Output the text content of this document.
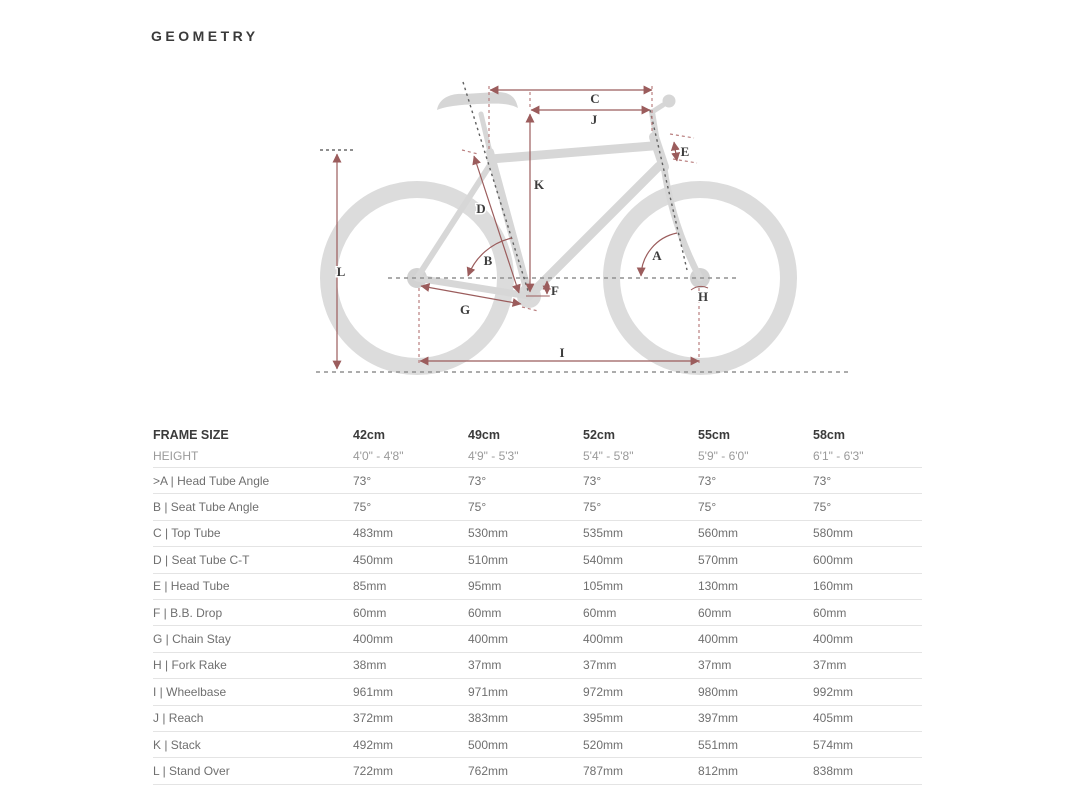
GEOMETRY
A
B
C
D
E
F
G
H
I
J
K
L
FRAME SIZE	42cm	49cm	52cm	55cm	58cm
HEIGHT	4'0" - 4'8"	4'9" - 5'3"	5'4" - 5'8"	5'9" - 6'0"	6'1" - 6'3"
>A | Head Tube Angle	73°	73°	73°	73°	73°
B | Seat Tube Angle	75°	75°	75°	75°	75°
C | Top Tube	483mm	530mm	535mm	560mm	580mm
D | Seat Tube C-T	450mm	510mm	540mm	570mm	600mm
E | Head Tube	85mm	95mm	105mm	130mm	160mm
F | B.B. Drop	60mm	60mm	60mm	60mm	60mm
G | Chain Stay	400mm	400mm	400mm	400mm	400mm
H | Fork Rake	38mm	37mm	37mm	37mm	37mm
I | Wheelbase	961mm	971mm	972mm	980mm	992mm
J | Reach	372mm	383mm	395mm	397mm	405mm
K | Stack	492mm	500mm	520mm	551mm	574mm
L | Stand Over	722mm	762mm	787mm	812mm	838mm
